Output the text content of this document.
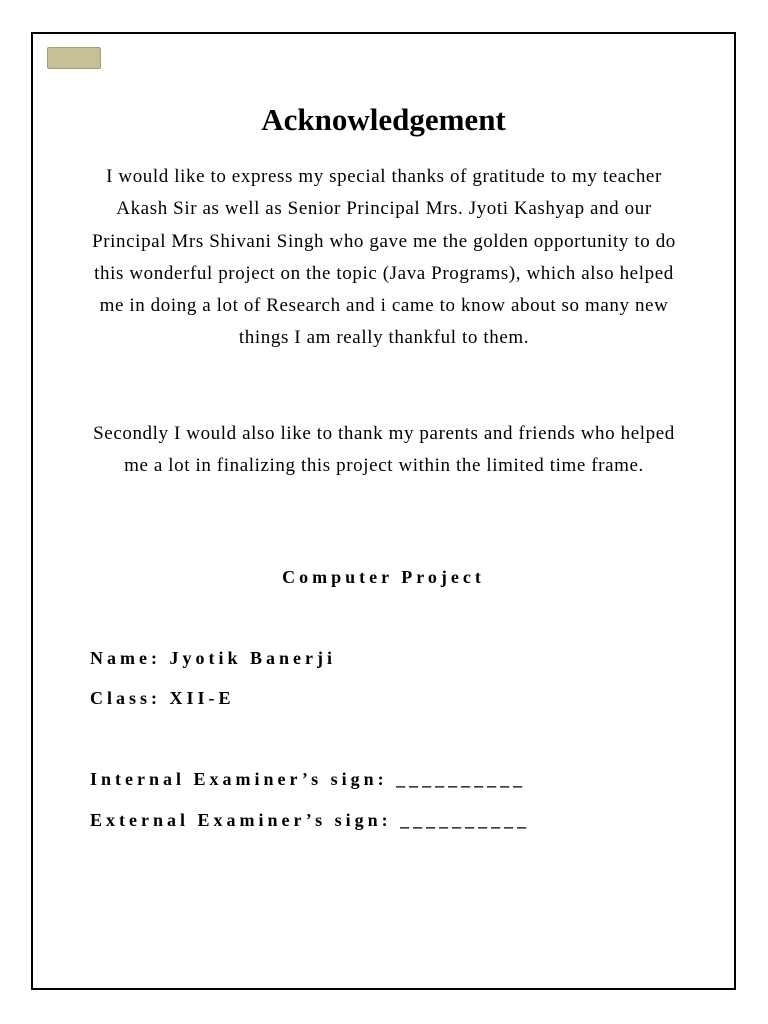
Acknowledgement

I would like to express my special thanks of gratitude to my teacher Akash Sir as well as Senior Principal Mrs. Jyoti Kashyap and our Principal Mrs Shivani Singh who gave me the golden opportunity to do this wonderful project on the topic (Java Programs), which also helped me in doing a lot of Research and i came to know about so many new things I am really thankful to them.

Secondly I would also like to thank my parents and friends who helped me a lot in finalizing this project within the limited time frame.

Computer Project
Name: Jyotik Banerji
Class: XII-E
Internal Examiner’s sign: __________
External Examiner’s sign: __________
